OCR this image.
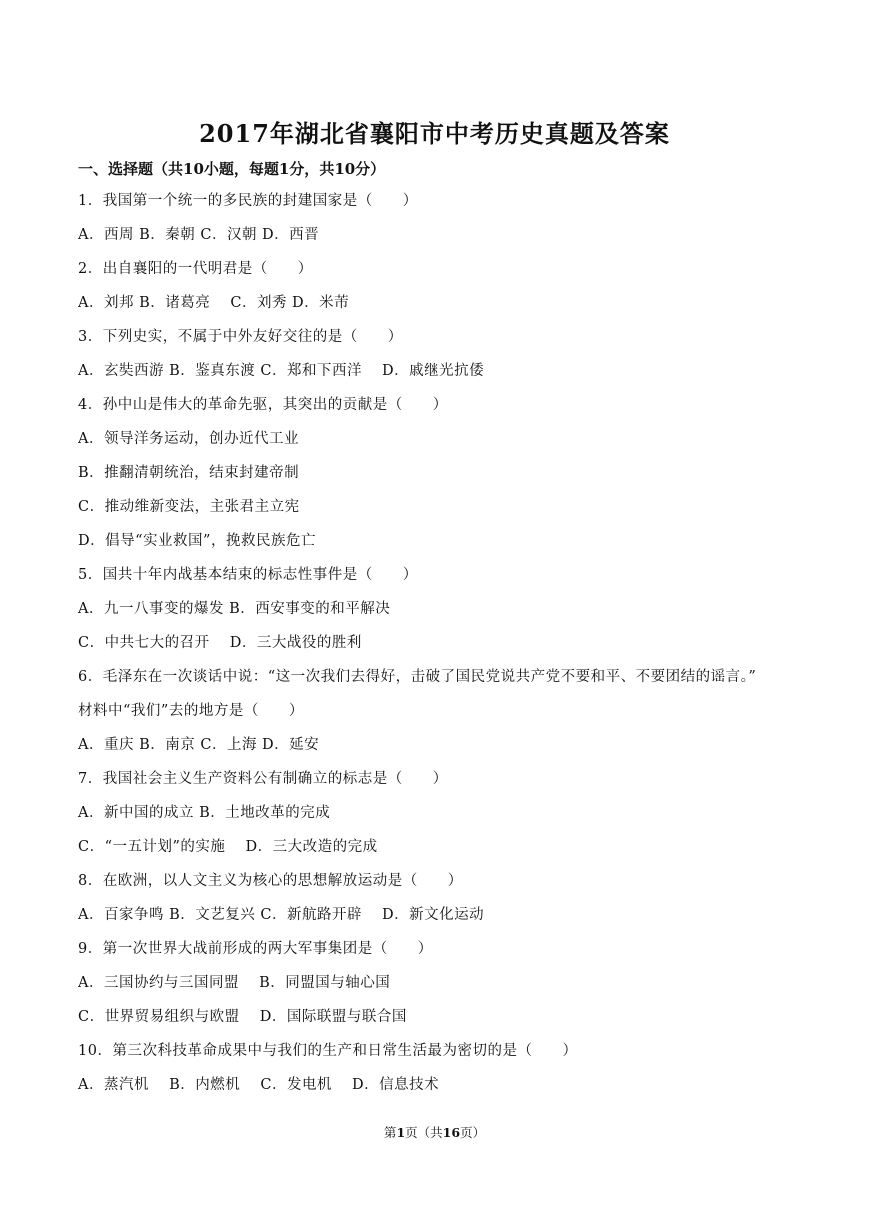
2017年湖北省襄阳市中考历史真题及答案
一、选择题（共10小题，每题1分，共10分）
1．我国第一个统一的多民族的封建国家是（　　）
A．西周 B．秦朝 C．汉朝 D．西晋
2．出自襄阳的一代明君是（　　）
A．刘邦 B．诸葛亮　 C．刘秀 D．米芾
3．下列史实，不属于中外友好交往的是（　　）
A．玄奘西游 B．鉴真东渡 C．郑和下西洋　 D．戚继光抗倭
4．孙中山是伟大的革命先驱，其突出的贡献是（　　）
A．领导洋务运动，创办近代工业
B．推翻清朝统治，结束封建帝制
C．推动维新变法，主张君主立宪
D．倡导“实业救国”，挽救民族危亡
5．国共十年内战基本结束的标志性事件是（　　）
A．九一八事变的爆发 B．西安事变的和平解决
C．中共七大的召开　 D．三大战役的胜利
6．毛泽东在一次谈话中说：“这一次我们去得好，击破了国民党说共产党不要和平、不要团结的谣言。”
材料中“我们”去的地方是（　　）
A．重庆 B．南京 C．上海 D．延安
7．我国社会主义生产资料公有制确立的标志是（　　）
A．新中国的成立 B．土地改革的完成
C．“一五计划”的实施　 D．三大改造的完成
8．在欧洲，以人文主义为核心的思想解放运动是（　　）
A．百家争鸣 B．文艺复兴 C．新航路开辟　 D．新文化运动
9．第一次世界大战前形成的两大军事集团是（　　）
A．三国协约与三国同盟　 B．同盟国与轴心国
C．世界贸易组织与欧盟　 D．国际联盟与联合国
10．第三次科技革命成果中与我们的生产和日常生活最为密切的是（　　）
A．蒸汽机　 B．内燃机　 C．发电机　 D．信息技术
第1页（共16页）
